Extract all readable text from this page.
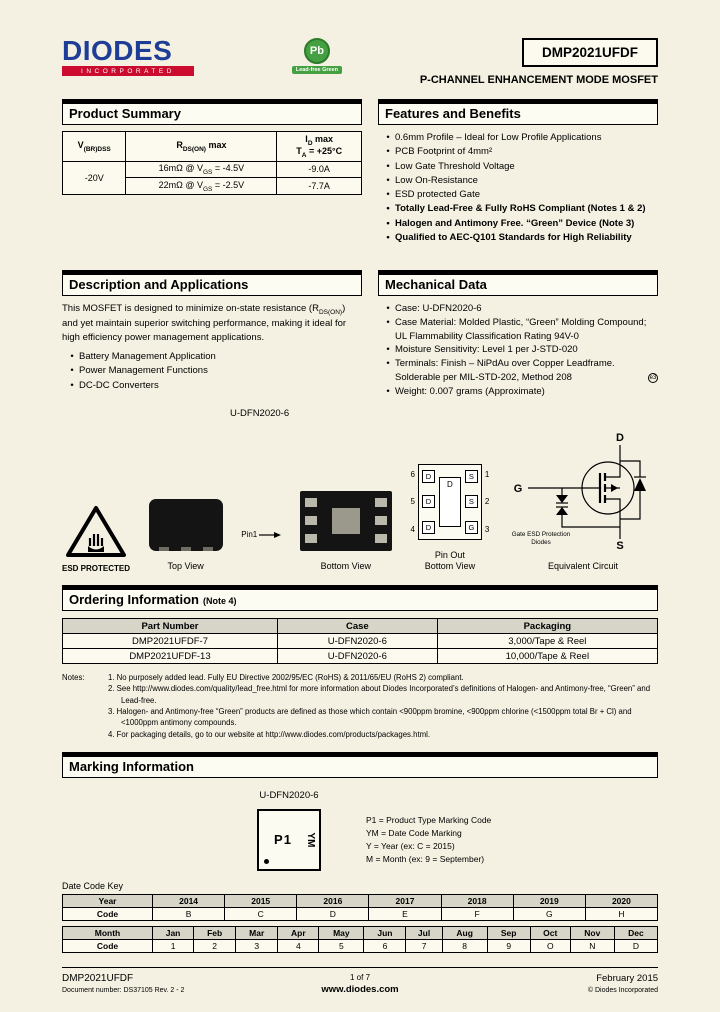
DIODES
INCORPORATED
Pb
Lead-free Green
DMP2021UFDF
P-CHANNEL ENHANCEMENT MODE MOSFET
Product Summary
$V_{(BR)DSS}$	$R_{DS(ON)}$ max	$I_D$ max
$T_A = +25^\circ C$

-20V	16mΩ @ $V_{GS} = -4.5V$	-9.0A
	22mΩ @ $V_{GS} = -2.5V$	-7.7A
Features and Benefits
• 0.6mm Profile – Ideal for Low Profile Applications
• PCB Footprint of 4mm²
• Low Gate Threshold Voltage
• Low On-Resistance
• ESD protected Gate
• Totally Lead-Free & Fully RoHS Compliant (Notes 1 & 2)
• Halogen and Antimony Free. “Green” Device (Note 3)
• Qualified to AEC-Q101 Standards for High Reliability
Description and Applications

This MOSFET is designed to minimize on-state resistance $(R_{DS(ON)})$ and yet maintain superior switching performance, making it ideal for high efficiency power management applications.

• Battery Management Application
• Power Management Functions
• DC-DC Converters
Mechanical Data
• Case: U-DFN2020-6
• Case Material: Molded Plastic, “Green” Molding Compound; UL Flammability Classification Rating 94V-0
• Moisture Sensitivity: Level 1 per J-STD-020
• Terminals: Finish – NiPdAu over Copper Leadframe. Solderable per MIL-STD-202, Method 208	e3
• Weight: 0.007 grams (Approximate)
U-DFN2020-6
ESD PROTECTED	Top View
Pin1
Bottom View
6
5
4
D
D
D
D
S
S
G
1
2
3
Pin Out
Bottom View
D
G
S
Gate ESD Protection
Diodes
Equivalent Circuit
Ordering Information (Note 4)
Part Number	Case	Packaging
DMP2021UFDF-7	U-DFN2020-6	3,000/Tape & Reel
DMP2021UFDF-13	U-DFN2020-6	10,000/Tape & Reel
Notes:	1. No purposely added lead. Fully EU Directive 2002/95/EC (RoHS) & 2011/65/EU (RoHS 2) compliant.
2. See http://www.diodes.com/quality/lead_free.html for more information about Diodes Incorporated’s definitions of Halogen- and Antimony-free, “Green” and Lead-free.
3. Halogen- and Antimony-free “Green” products are defined as those which contain <900ppm bromine, <900ppm chlorine (<1500ppm total Br + Cl) and <1000ppm antimony compounds.
4. For packaging details, go to our website at http://www.diodes.com/products/packages.html.
Marking Information
U-DFN2020-6
P1 YM
P1 = Product Type Marking Code
YM = Date Code Marking
Y = Year (ex: C = 2015)
M = Month (ex: 9 = September)
Date Code Key
Year	2014	2015	2016	2017	2018	2019	2020
Code	B	C	D	E	F	G	H
Month	Jan	Feb	Mar	Apr	May	Jun	Jul	Aug	Sep	Oct	Nov	Dec
Code	1	2	3	4	5	6	7	8	9	O	N	D
DMP2021UFDF
Document number: DS37105 Rev. 2 - 2
1 of 7
www.diodes.com
February 2015
© Diodes Incorporated
